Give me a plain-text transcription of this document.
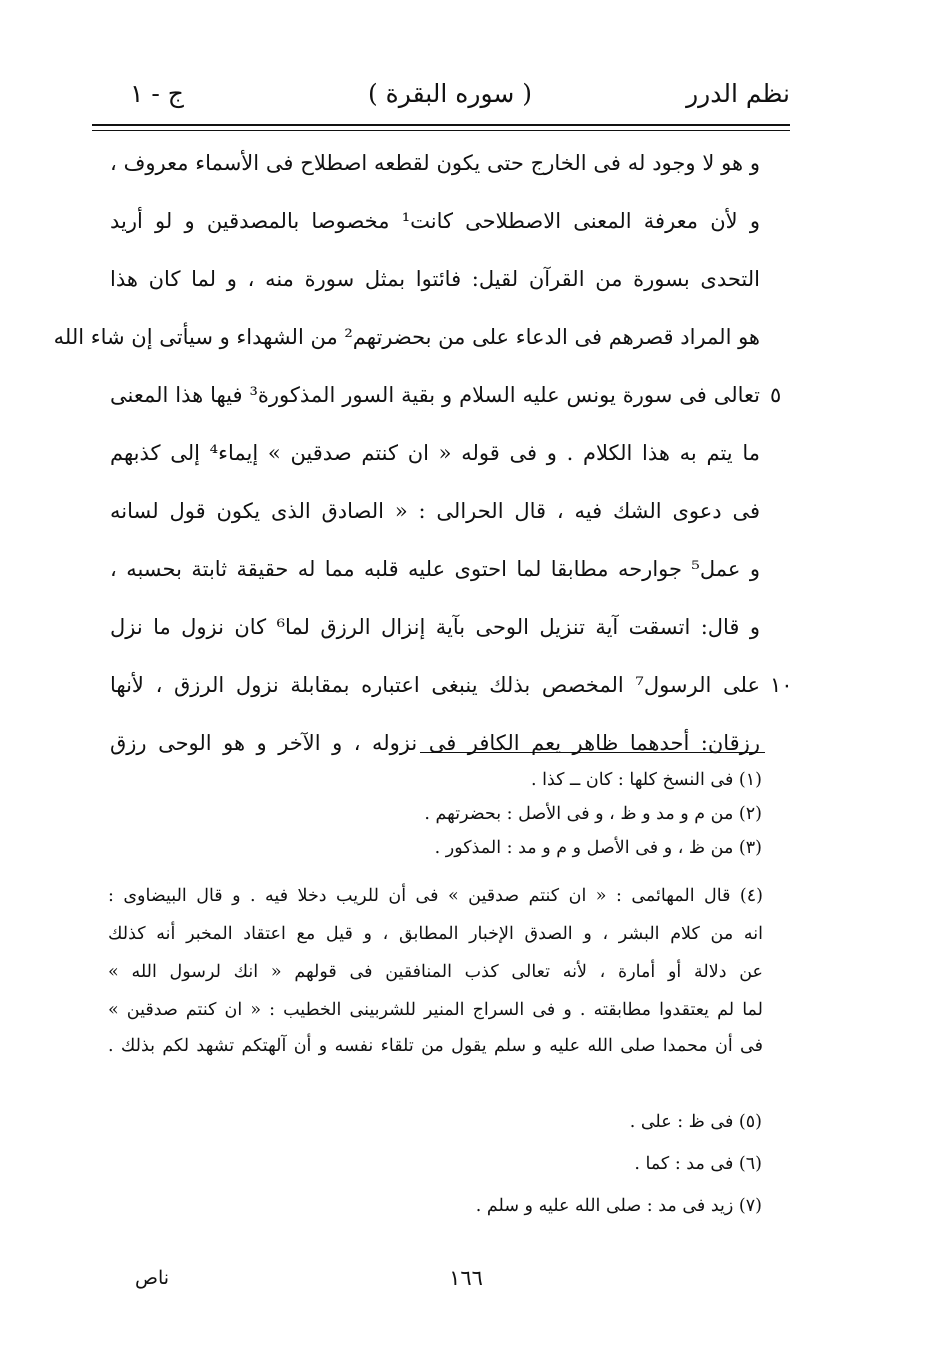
نظم الدرر
( سوره البقرة )
ج - ١
و هو لا وجود له فى الخارج حتى يكون لقطعه اصطلاح فى الأسماء معروف ،
و لأن معرفة المعنى الاصطلاحى كانت¹ مخصوصا بالمصدقين و لو أريد
التحدى بسورة من القرآن لقيل: فائتوا بمثل سورة منه ، و لما كان هذا
هو المراد قصرهم فى الدعاء على من بحضرتهم² من الشهداء و سيأتى إن شاء الله
تعالى فى سورة يونس عليه السلام و بقية السور المذكورة³ فيها هذا المعنى
ما يتم به هذا الكلام . و فى قوله « ان كنتم صدقين » إيماء⁴ إلى كذبهم
فى دعوى الشك فيه ، قال الحرالى : « الصادق الذى يكون قول لسانه
و عمل⁵ جوارحه مطابقا لما احتوى عليه قلبه مما له حقيقة ثابتة بحسبه ،
و قال: اتسقت آية تنزيل الوحى بآية إنزال الرزق لما⁶ كان نزول ما نزل
على الرسول⁷ المخصص بذلك ينبغى اعتباره بمقابلة نزول الرزق ، لأنها
رزقان: أحدهما ظاهر يعم الكافر فى نزوله ، و الآخر و هو الوحى رزق
٥
١٠
(١) فى النسخ كلها : كان ــ كذا .
(٢) من م و مد و ظ ، و فى الأصل : بحضرتهم .
(٣) من ظ ، و فى الأصل و م و مد : المذكور .
(٤) قال المهائمى : « ان كنتم صدقين » فى أن للريب دخلا فيه . و قال البيضاوى :
انه من كلام البشر ، و الصدق الإخبار المطابق ، و قيل مع اعتقاد المخبر أنه كذلك
عن دلالة أو أمارة ، لأنه تعالى كذب المنافقين فى قولهم « انك لرسول الله »
لما لم يعتقدوا مطابقته . و فى السراج المنير للشربينى الخطيب : « ان كنتم صدقين »
فى أن محمدا صلى الله عليه و سلم يقول من تلقاء نفسه و أن آلهتكم تشهد لكم بذلك .
(٥) فى ظ : على .
(٦) فى مد : كما .
(٧) زيد فى مد : صلى الله عليه و سلم .
١٦٦
ناص
